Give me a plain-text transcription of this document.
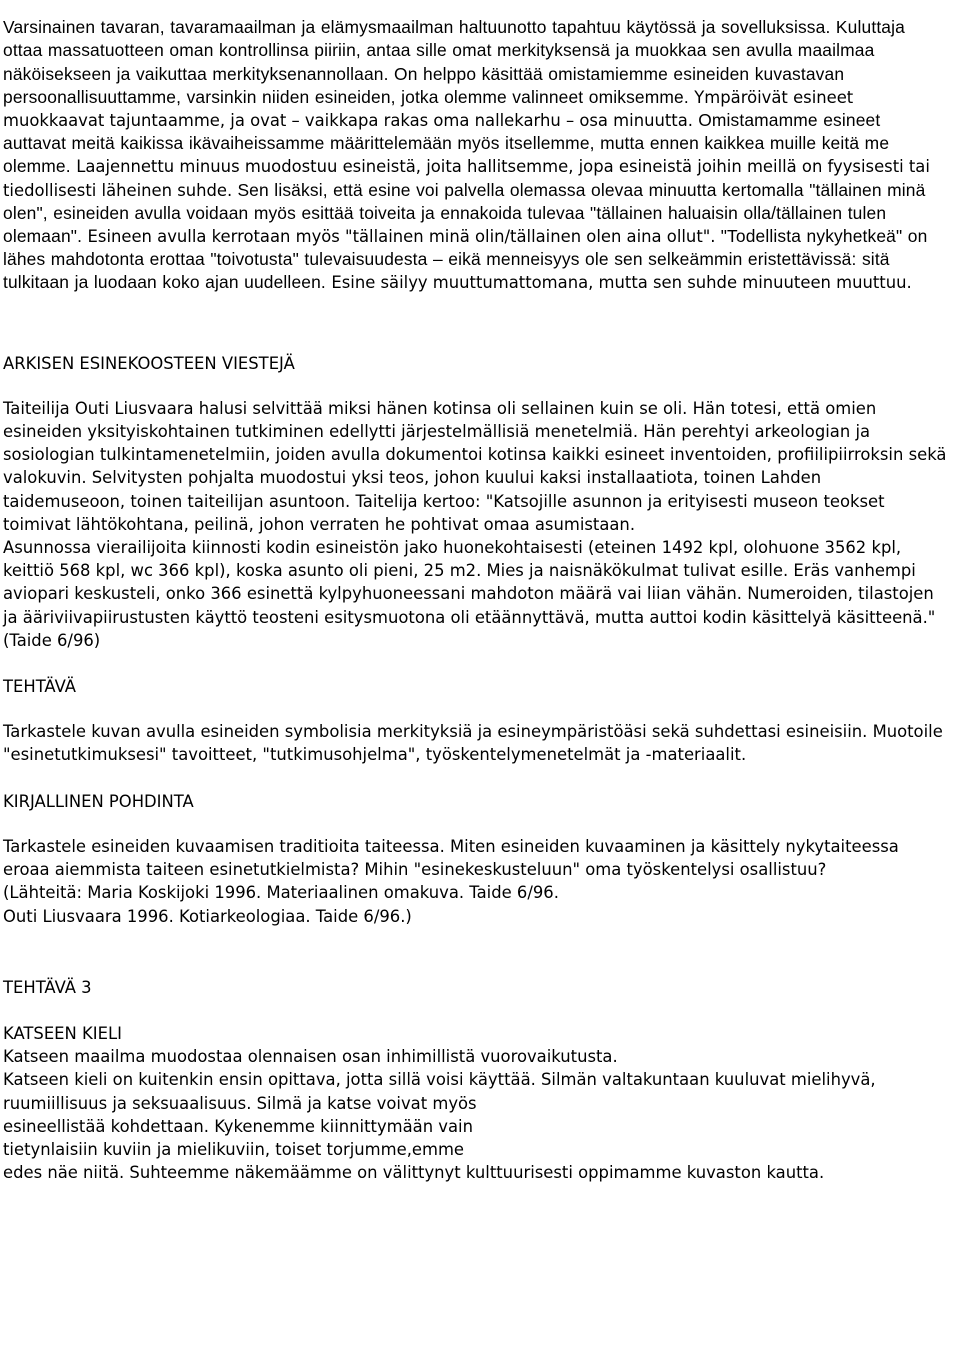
Varsinainen tavaran, tavaramaailman ja elämysmaailman haltuunotto tapahtuu käytössä ja sovelluksissa. Kuluttaja ottaa massatuotteen oman kontrollinsa piiriin, antaa sille omat merkityksensä ja muokkaa sen avulla maailmaa näköisekseen ja vaikuttaa merkityksenannollaan. On helppo käsittää omistamiemme esineiden kuvastavan persoonallisuuttamme, varsinkin niiden esineiden, jotka olemme valinneet omiksemme. Ympäröivät esineet muokkaavat tajuntaamme, ja ovat – vaikkapa rakas oma nallekarhu – osa minuutta. Omistamamme esineet auttavat meitä kaikissa ikävaiheissamme määrittelemään myös itsellemme, mutta ennen kaikkea muille keitä me olemme. Laajennettu minuus muodostuu esineistä, joita hallitsemme, jopa esineistä joihin meillä on fyysisesti tai tiedollisesti läheinen suhde. Sen lisäksi, että esine voi palvella olemassa olevaa minuutta kertomalla "tällainen minä olen", esineiden avulla voidaan myös esittää toiveita ja ennakoida tulevaa "tällainen haluaisin olla/tällainen tulen olemaan". Esineen avulla kerrotaan myös "tällainen minä olin/tällainen olen aina ollut". "Todellista nykyhetkeä" on lähes mahdotonta erottaa "toivotusta" tulevaisuudesta – eikä menneisyys ole sen selkeämmin eristettävissä: sitä tulkitaan ja luodaan koko ajan uudelleen. Esine säilyy muuttumattomana, mutta sen suhde minuuteen muuttuu.

ARKISEN ESINEKOOSTEEN VIESTEJÄ

Taiteilija Outi Liusvaara halusi selvittää miksi hänen kotinsa oli sellainen kuin se oli. Hän totesi, että omien esineiden yksityiskohtainen tutkiminen edellytti järjestelmällisiä menetelmiä. Hän perehtyi arkeologian ja sosiologian tulkintamenetelmiin, joiden avulla dokumentoi kotinsa kaikki esineet inventoiden, profiilipiirroksin sekä valokuvin. Selvitysten pohjalta muodostui yksi teos, johon kuului kaksi installaatiota, toinen Lahden taidemuseoon, toinen taiteilijan asuntoon. Taitelija kertoo: "Katsojille asunnon ja erityisesti museon teokset toimivat lähtökohtana, peilinä, johon verraten he pohtivat omaa asumistaan.
Asunnossa vierailijoita kiinnosti kodin esineistön jako huonekohtaisesti (eteinen 1492 kpl, olohuone 3562 kpl, keittiö 568 kpl, wc 366 kpl), koska asunto oli pieni, 25 m2. Mies ja naisnäkökulmat tulivat esille. Eräs vanhempi aviopari keskusteli, onko 366 esinettä kylpyhuoneessani mahdoton määrä vai liian vähän. Numeroiden, tilastojen ja ääriviivapiirustusten käyttö teosteni esitysmuotona oli etäännyttävä, mutta auttoi kodin käsittelyä käsitteenä." (Taide 6/96)

TEHTÄVÄ

Tarkastele kuvan avulla esineiden symbolisia merkityksiä ja esineympäristöäsi sekä suhdettasi esineisiin. Muotoile "esinetutkimuksesi" tavoitteet, "tutkimusohjelma", työskentelymenetelmät ja -materiaalit.

KIRJALLINEN POHDINTA

Tarkastele esineiden kuvaamisen traditioita taiteessa. Miten esineiden kuvaaminen ja käsittely nykytaiteessa eroaa aiemmista taiteen esinetutkielmista? Mihin "esinekeskusteluun" oma työskentelysi osallistuu?
(Lähteitä: Maria Koskijoki 1996. Materiaalinen omakuva. Taide 6/96.
Outi Liusvaara 1996. Kotiarkeologiaa. Taide 6/96.)

TEHTÄVÄ 3
KATSEEN KIELI

Katseen maailma muodostaa olennaisen osan inhimillistä vuorovaikutusta.

Katseen kieli on kuitenkin ensin opittava, jotta sillä voisi käyttää. Silmän valtakuntaan kuuluvat mielihyvä,

ruumiillisuus ja seksuaalisuus. Silmä ja katse voivat myös

esineellistää kohdettaan. Kykenemme kiinnittymään vain

tietynlaisiin kuviin ja mielikuviin, toiset torjumme,emme

edes näe niitä. Suhteemme näkemäämme on välittynyt kulttuurisesti oppimamme kuvaston kautta.
